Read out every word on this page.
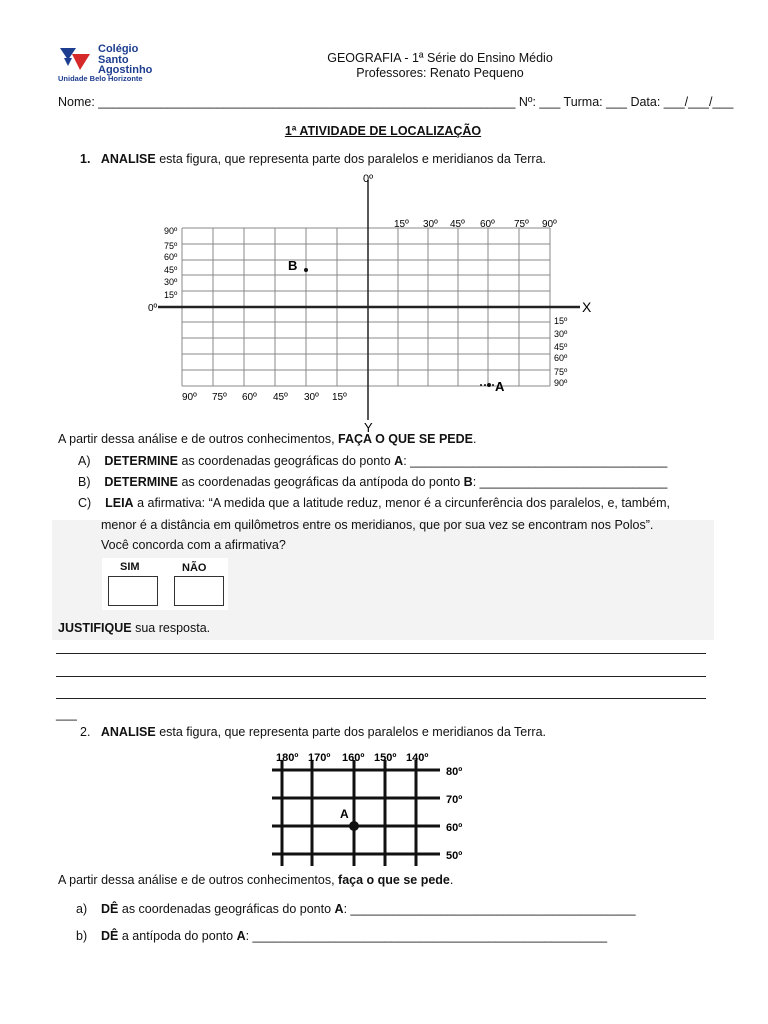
Colégio
Santo
Agostinho
Unidade Belo Horizonte
GEOGRAFIA - 1ª Série do Ensino Médio
Professores: Renato Pequeno
Nome: ____________________________________________________________ Nº: ___ Turma: ___ Data: ___/___/___
1ª ATIVIDADE DE LOCALIZAÇÃO
1. ANALISE esta figura, que representa parte dos paralelos e meridianos da Terra.
0º
0º	X
Y
15º 30º 45º 60º 75º 90º
90º
75º
60º
45º
30º
15º
15º
30º
45º
60º
75º
90º
90º 75º 60º 45º 30º 15º
B
A
A partir dessa análise e de outros conhecimentos, FAÇA O QUE SE PEDE.
A) DETERMINE as coordenadas geográficas do ponto A: _____________________________________
B) DETERMINE as coordenadas geográficas da antípoda do ponto B: ___________________________
C) LEIA a afirmativa: “A medida que a latitude reduz, menor é a circunferência dos paralelos, e, também,
menor é a distância em quilômetros entre os meridianos, que por sua vez se encontram nos Polos”.
Você concorda com a afirmativa?
SIM	NÃO
JUSTIFIQUE sua resposta.
___
2. ANALISE esta figura, que representa parte dos paralelos e meridianos da Terra.
180º 170º 160º 150º 140º
80º
70º
60º
50º
A
A partir dessa análise e de outros conhecimentos, faça o que se pede.
a) DÊ as coordenadas geográficas do ponto A: _________________________________________
b) DÊ a antípoda do ponto A: ___________________________________________________
